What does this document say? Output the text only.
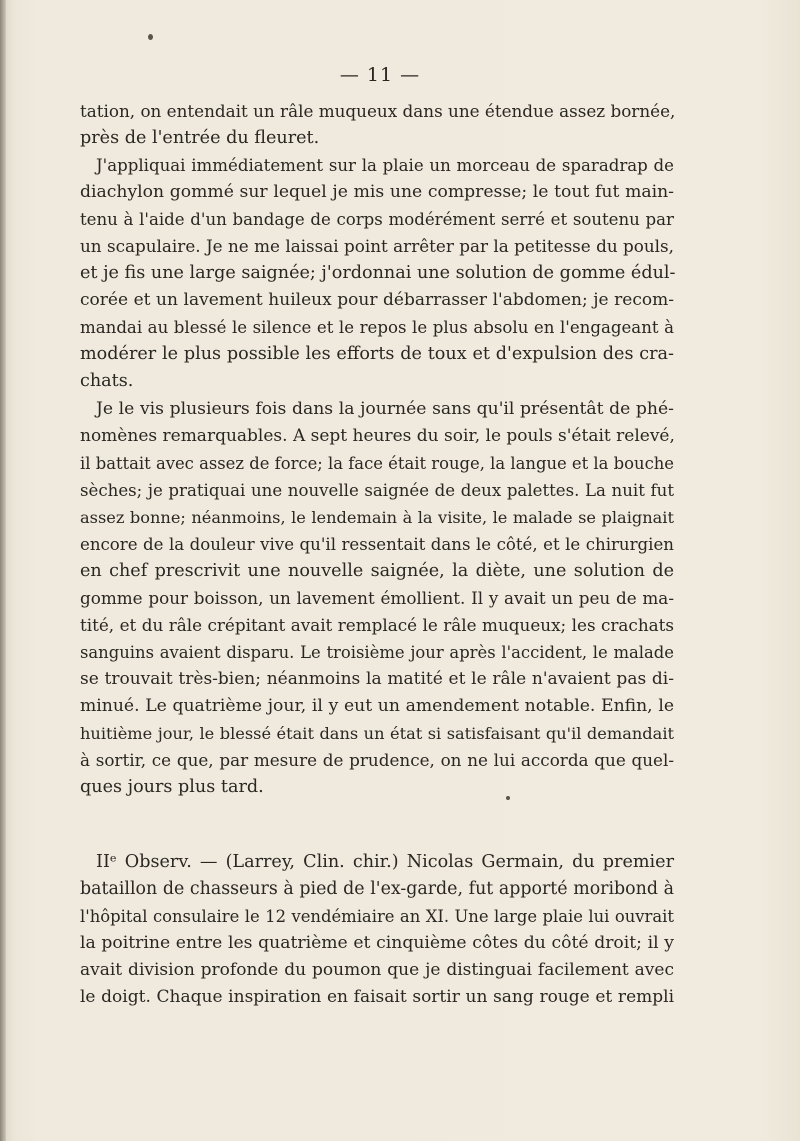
— 11 —
tation, on entendait un râle muqueux dans une étendue assez bornée,
près de l'entrée du fleuret.
J'appliquai immédiatement sur la plaie un morceau de sparadrap de
diachylon gommé sur lequel je mis une compresse; le tout fut main-
tenu à l'aide d'un bandage de corps modérément serré et soutenu par
un scapulaire. Je ne me laissai point arrêter par la petitesse du pouls,
et je fis une large saignée; j'ordonnai une solution de gomme édul-
corée et un lavement huileux pour débarrasser l'abdomen; je recom-
mandai au blessé le silence et le repos le plus absolu en l'engageant à
modérer le plus possible les efforts de toux et d'expulsion des cra-
chats.
Je le vis plusieurs fois dans la journée sans qu'il présentât de phé-
nomènes remarquables. A sept heures du soir, le pouls s'était relevé,
il battait avec assez de force; la face était rouge, la langue et la bouche
sèches; je pratiquai une nouvelle saignée de deux palettes. La nuit fut
assez bonne; néanmoins, le lendemain à la visite, le malade se plaignait
encore de la douleur vive qu'il ressentait dans le côté, et le chirurgien
en chef prescrivit une nouvelle saignée, la diète, une solution de
gomme pour boisson, un lavement émollient. Il y avait un peu de ma-
tité, et du râle crépitant avait remplacé le râle muqueux; les crachats
sanguins avaient disparu. Le troisième jour après l'accident, le malade
se trouvait très-bien; néanmoins la matité et le râle n'avaient pas di-
minué. Le quatrième jour, il y eut un amendement notable. Enfin, le
huitième jour, le blessé était dans un état si satisfaisant qu'il demandait
à sortir, ce que, par mesure de prudence, on ne lui accorda que quel-
ques jours plus tard.
IIᵉ Observ. — (Larrey, Clin. chir.) Nicolas Germain, du premier
bataillon de chasseurs à pied de l'ex-garde, fut apporté moribond à
l'hôpital consulaire le 12 vendémiaire an XI. Une large plaie lui ouvrait
la poitrine entre les quatrième et cinquième côtes du côté droit; il y
avait division profonde du poumon que je distinguai facilement avec
le doigt. Chaque inspiration en faisait sortir un sang rouge et rempli
